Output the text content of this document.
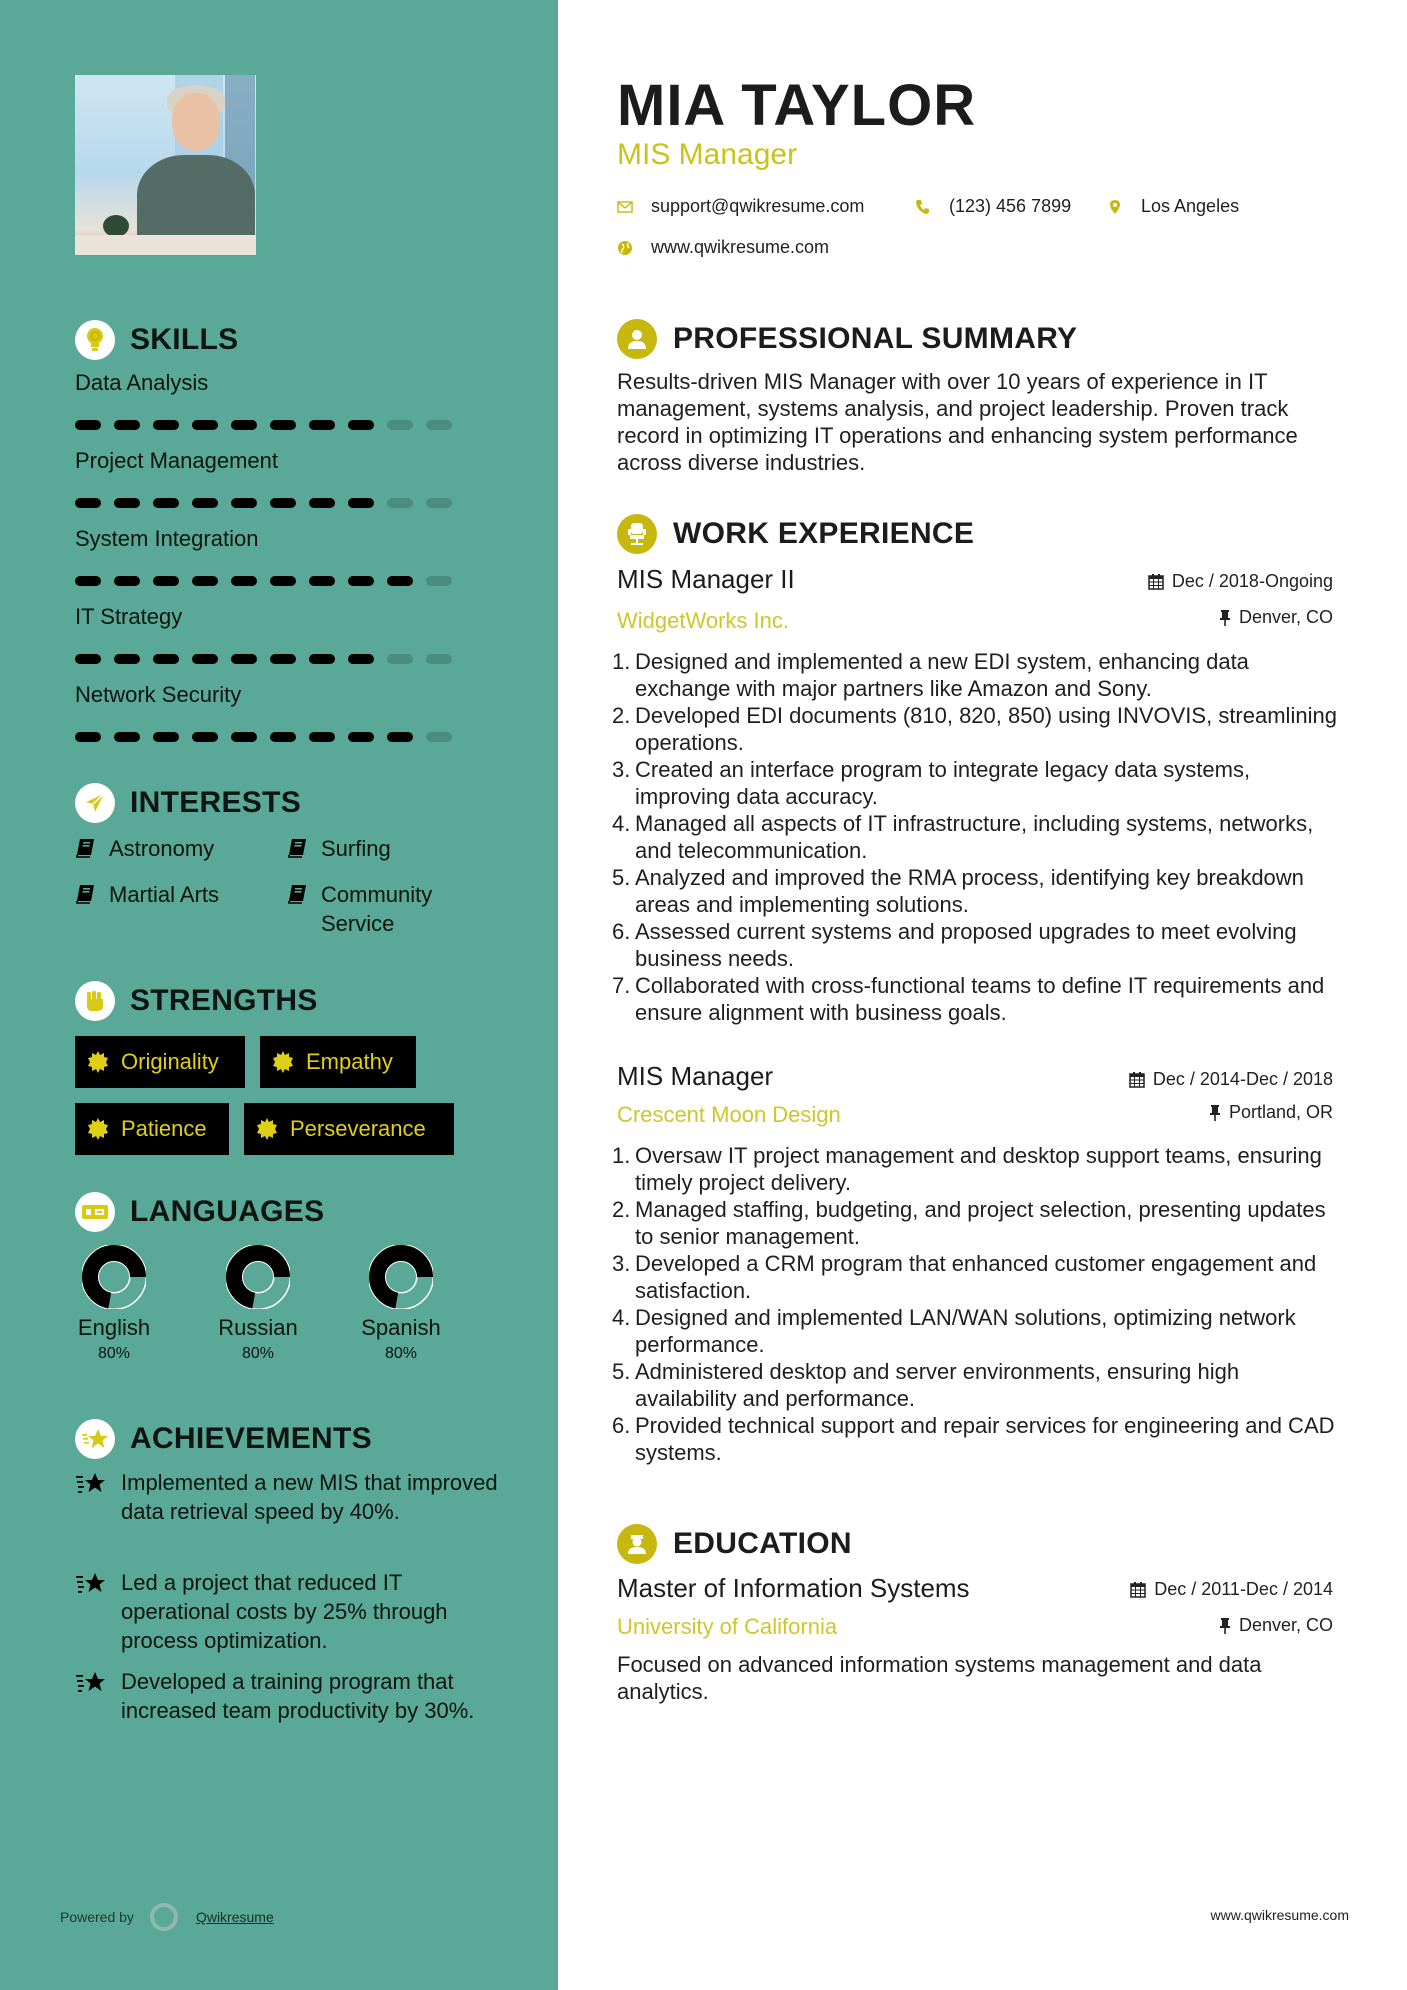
SKILLS
Data Analysis
Project Management
System Integration
IT Strategy
Network Security
INTERESTS
Astronomy	Surfing
Martial Arts	Community Service
STRENGTHS
Originality	Empathy
Patience	Perseverance
LANGUAGES
English
80%
Russian
80%
Spanish
80%
ACHIEVEMENTS
Implemented a new MIS that improved data retrieval speed by 40%.
Led a project that reduced IT operational costs by 25% through process optimization.
Developed a training program that increased team productivity by 30%.
Powered by	Qwikresume
MIA TAYLOR
MIS Manager
support@qwikresume.com	(123) 456 7899	Los Angeles
www.qwikresume.com
PROFESSIONAL SUMMARY
Results-driven MIS Manager with over 10 years of experience in IT management, systems analysis, and project leadership. Proven track record in optimizing IT operations and enhancing system performance across diverse industries.
WORK EXPERIENCE
MIS Manager II	Dec / 2018-Ongoing
WidgetWorks Inc.	Denver, CO
Designed and implemented a new EDI system, enhancing data exchange with major partners like Amazon and Sony.
Developed EDI documents (810, 820, 850) using INVOVIS, streamlining operations.
Created an interface program to integrate legacy data systems, improving data accuracy.
Managed all aspects of IT infrastructure, including systems, networks, and telecommunication.
Analyzed and improved the RMA process, identifying key breakdown areas and implementing solutions.
Assessed current systems and proposed upgrades to meet evolving business needs.
Collaborated with cross-functional teams to define IT requirements and ensure alignment with business goals.
MIS Manager	Dec / 2014-Dec / 2018
Crescent Moon Design	Portland, OR
Oversaw IT project management and desktop support teams, ensuring timely project delivery.
Managed staffing, budgeting, and project selection, presenting updates to senior management.
Developed a CRM program that enhanced customer engagement and satisfaction.
Designed and implemented LAN/WAN solutions, optimizing network performance.
Administered desktop and server environments, ensuring high availability and performance.
Provided technical support and repair services for engineering and CAD systems.
EDUCATION
Master of Information Systems	Dec / 2011-Dec / 2014
University of California	Denver, CO
Focused on advanced information systems management and data analytics.
www.qwikresume.com
